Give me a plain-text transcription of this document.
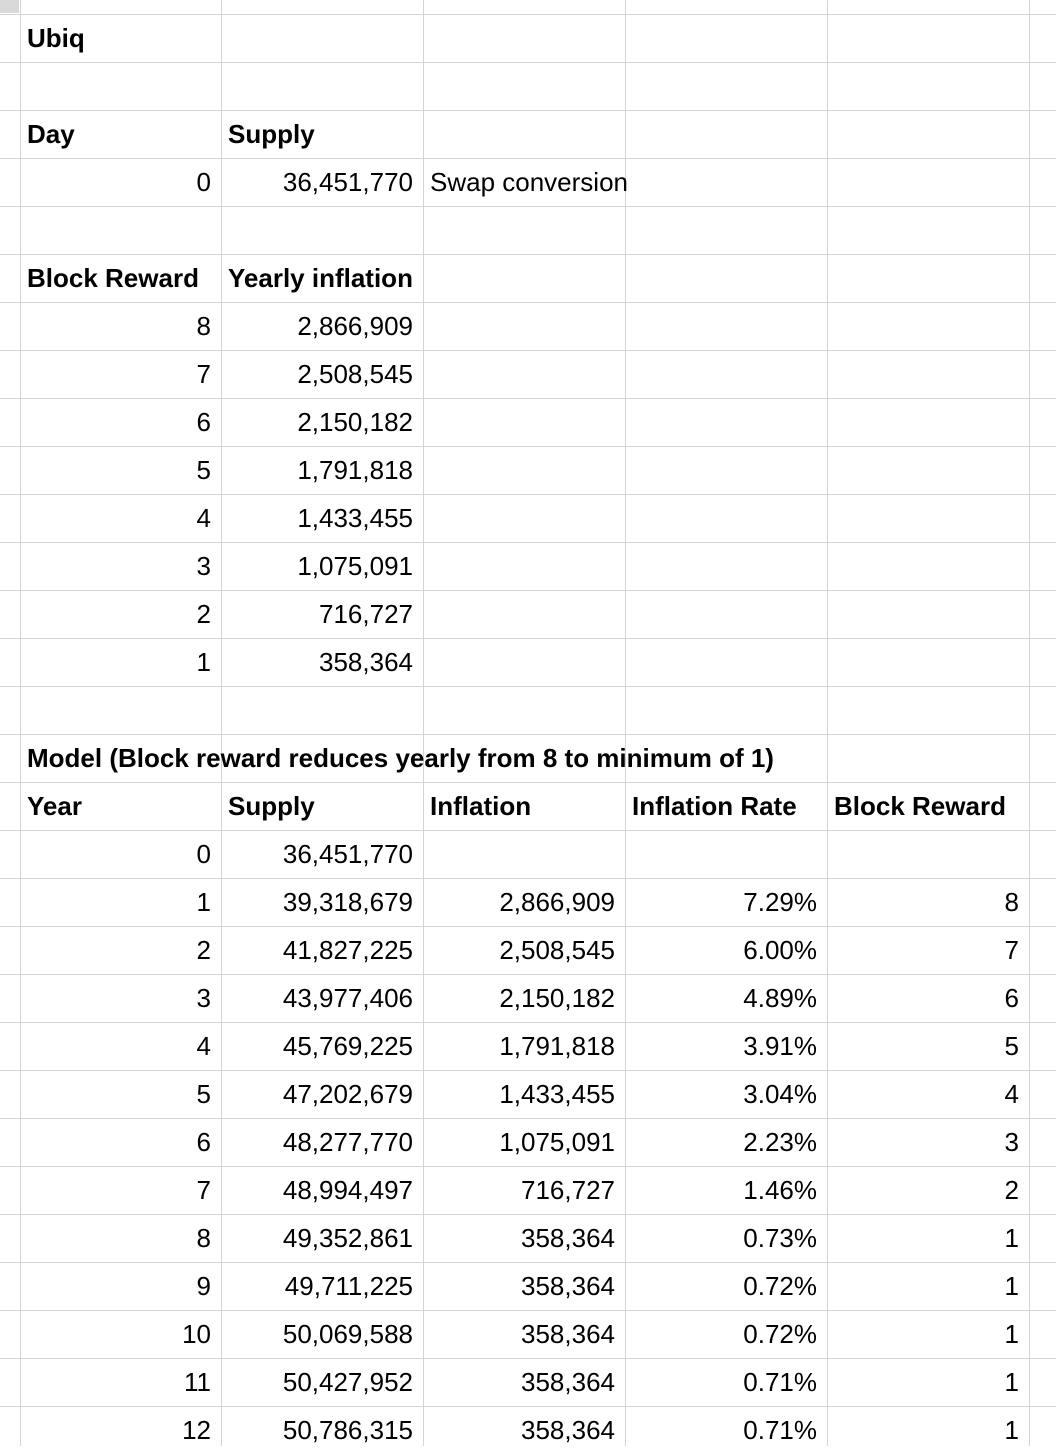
Ubiq
Day	Supply
0	36,451,770 Swap conversion
Block Reward	Yearly inflation
8	2,866,909
7	2,508,545
6	2,150,182
5	1,791,818
4	1,433,455
3	1,075,091
2	716,727
1	358,364
Model (Block reward reduces yearly from 8 to minimum of 1)
Year	Supply	Inflation	Inflation Rate	Block Reward
0	36,451,770
1	39,318,679	2,866,909	7.29%	8
2	41,827,225	2,508,545	6.00%	7
3	43,977,406	2,150,182	4.89%	6
4	45,769,225	1,791,818	3.91%	5
5	47,202,679	1,433,455	3.04%	4
6	48,277,770	1,075,091	2.23%	3
7	48,994,497	716,727	1.46%	2
8	49,352,861	358,364	0.73%	1
9	49,711,225	358,364	0.72%	1
10	50,069,588	358,364	0.72%	1
11	50,427,952	358,364	0.71%	1
12	50,786,315	358,364	0.71%	1
